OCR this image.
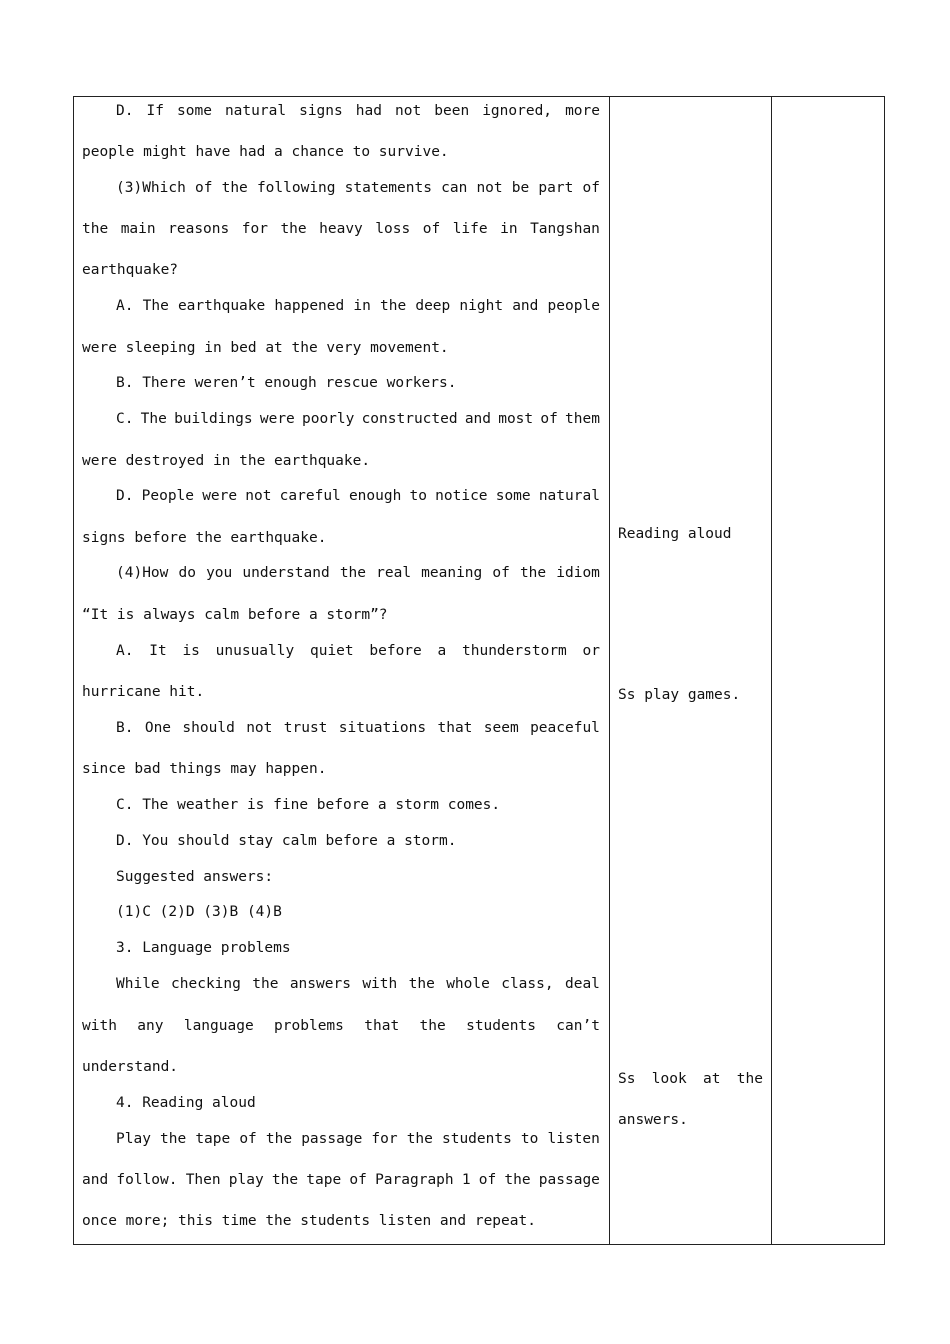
D. If some natural signs had not been ignored, more
people might have had a chance to survive.
(3)Which of the following statements can not be part of
the main reasons for the heavy loss of life in Tangshan
earthquake?
A. The earthquake happened in the deep night and people
were sleeping in bed at the very movement.
B. There weren’t enough rescue workers.
C. The buildings were poorly constructed and most of them
were destroyed in the earthquake.
D. People were not careful enough to notice some natural
signs before the earthquake.
(4)How do you understand the real meaning of the idiom
“It is always calm before a storm”?
A. It is unusually quiet before a thunderstorm or
hurricane hit.
B. One should not trust situations that seem peaceful
since bad things may happen.
C. The weather is fine before a storm comes.
D. You should stay calm before a storm.
Suggested answers:
(1)C (2)D (3)B (4)B
3. Language problems
While checking the answers with the whole class, deal
with any language problems that the students can’t
understand.
4. Reading aloud
Play the tape of the passage for the students to listen
and follow. Then play the tape of Paragraph 1 of the passage
once more; this time the students listen and repeat.
Reading aloud
Ss play games.
Ss look at the
answers.
